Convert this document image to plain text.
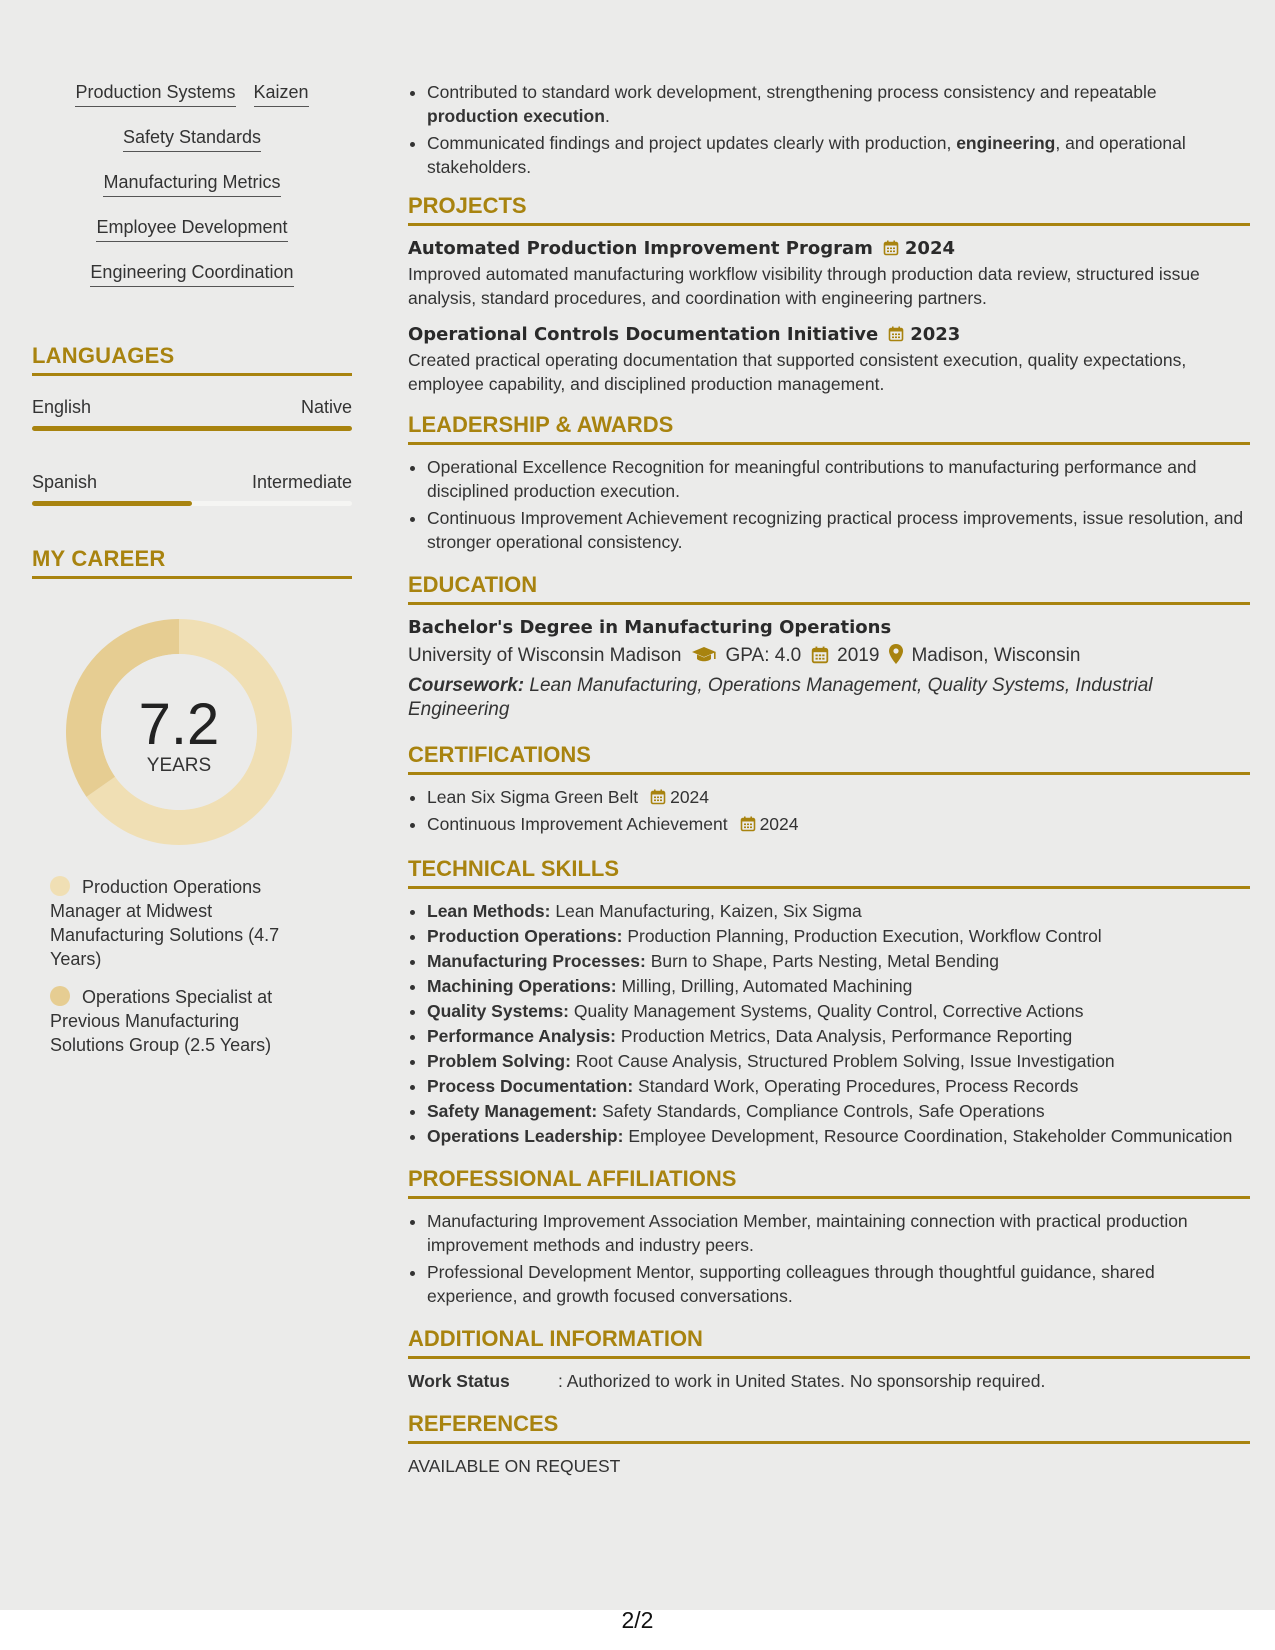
Production Systems Kaizen
Safety Standards
Manufacturing Metrics
Employee Development
Engineering Coordination
LANGUAGES
English	Native
Spanish	Intermediate
MY CAREER
7.2
YEARS
Production Operations Manager at Midwest Manufacturing Solutions (4.7 Years)
Operations Specialist at Previous Manufacturing Solutions Group (2.5 Years)
• Contributed to standard work development, strengthening process consistency and repeatable production execution.
• Communicated findings and project updates clearly with production, engineering, and operational stakeholders.
PROJECTS
Automated Production Improvement Program 2024
Improved automated manufacturing workflow visibility through production data review, structured issue analysis, standard procedures, and coordination with engineering partners.
Operational Controls Documentation Initiative 2023
Created practical operating documentation that supported consistent execution, quality expectations, employee capability, and disciplined production management.
LEADERSHIP & AWARDS
• Operational Excellence Recognition for meaningful contributions to manufacturing performance and disciplined production execution.
• Continuous Improvement Achievement recognizing practical process improvements, issue resolution, and stronger operational consistency.
EDUCATION
Bachelor's Degree in Manufacturing Operations
University of Wisconsin Madison GPA: 4.0 2019 Madison, Wisconsin
Coursework: Lean Manufacturing, Operations Management, Quality Systems, Industrial Engineering
CERTIFICATIONS
• Lean Six Sigma Green Belt 2024
• Continuous Improvement Achievement 2024
TECHNICAL SKILLS
• Lean Methods: Lean Manufacturing, Kaizen, Six Sigma
• Production Operations: Production Planning, Production Execution, Workflow Control
• Manufacturing Processes: Burn to Shape, Parts Nesting, Metal Bending
• Machining Operations: Milling, Drilling, Automated Machining
• Quality Systems: Quality Management Systems, Quality Control, Corrective Actions
• Performance Analysis: Production Metrics, Data Analysis, Performance Reporting
• Problem Solving: Root Cause Analysis, Structured Problem Solving, Issue Investigation
• Process Documentation: Standard Work, Operating Procedures, Process Records
• Safety Management: Safety Standards, Compliance Controls, Safe Operations
• Operations Leadership: Employee Development, Resource Coordination, Stakeholder Communication
PROFESSIONAL AFFILIATIONS
• Manufacturing Improvement Association Member, maintaining connection with practical production improvement methods and industry peers.
• Professional Development Mentor, supporting colleagues through thoughtful guidance, shared experience, and growth focused conversations.
ADDITIONAL INFORMATION
Work Status	: Authorized to work in United States. No sponsorship required.
REFERENCES
AVAILABLE ON REQUEST
2/2
